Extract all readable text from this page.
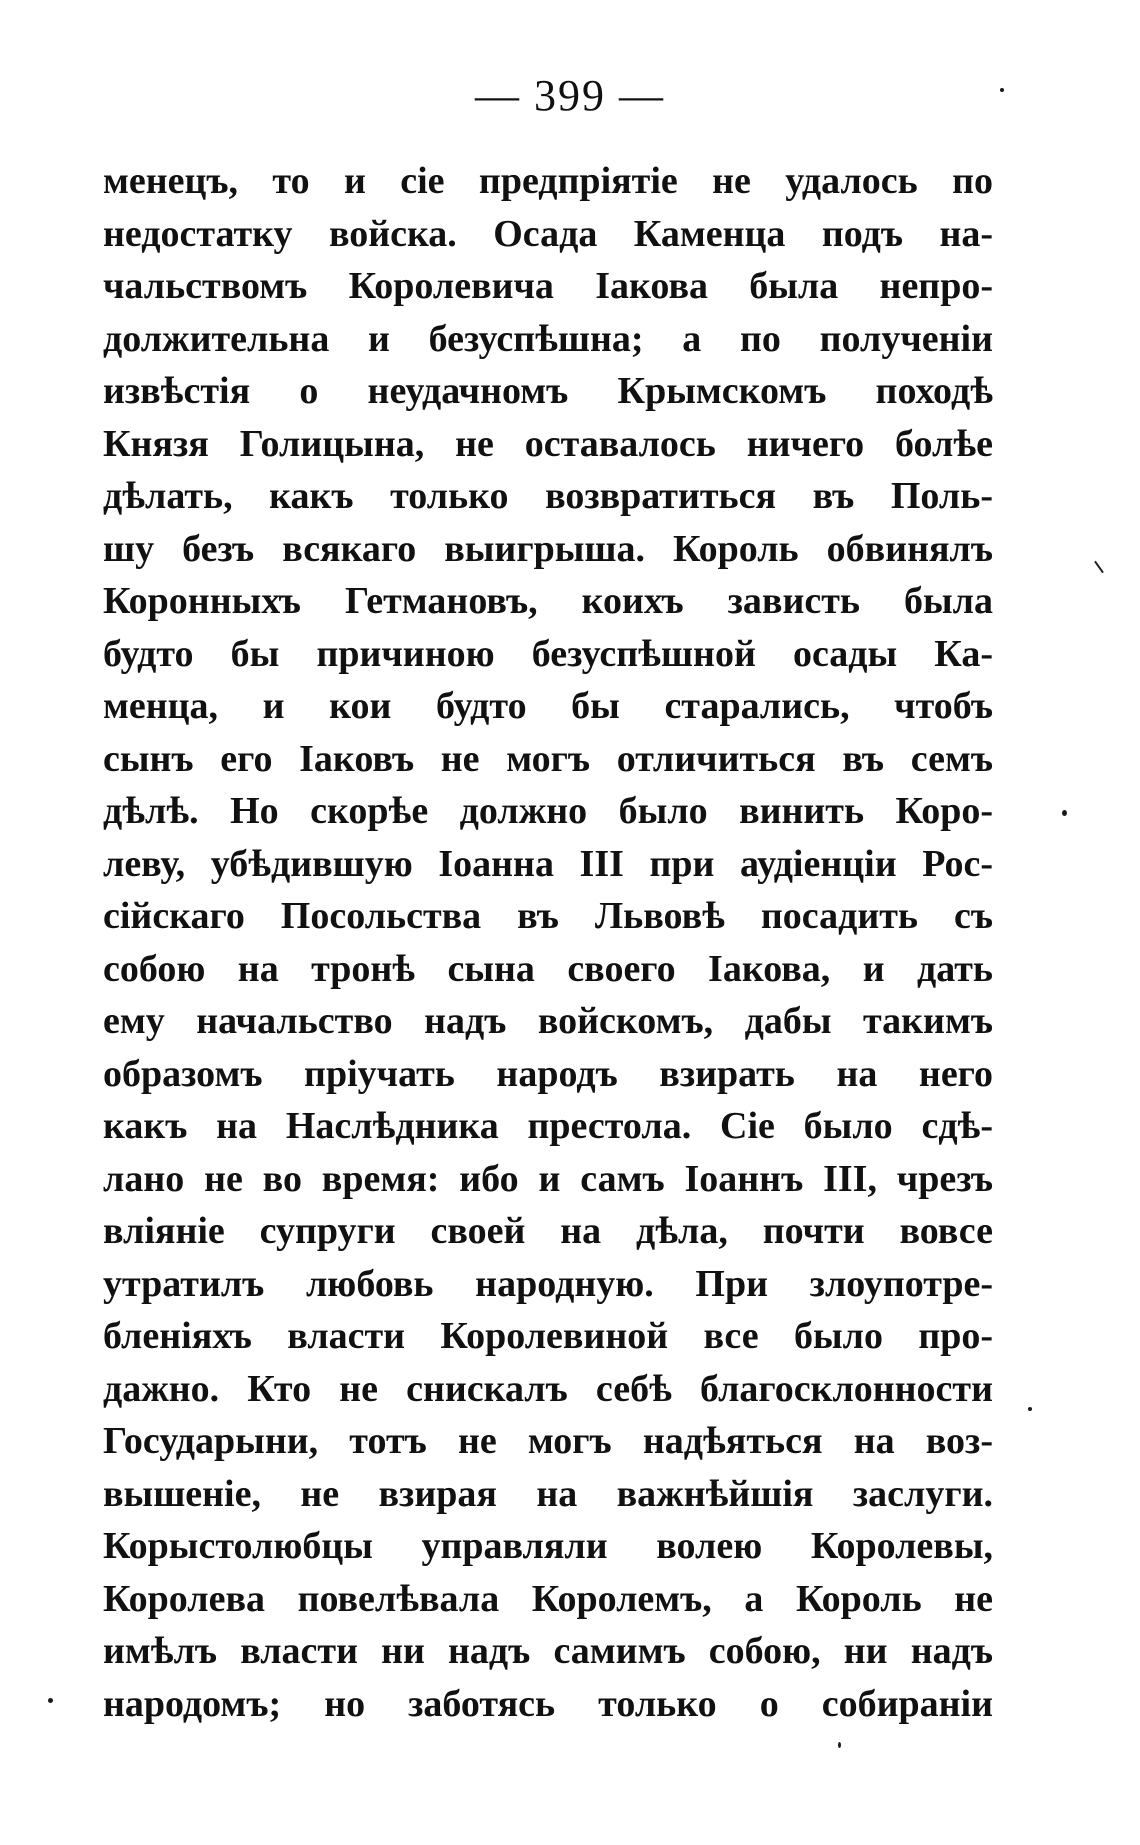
— 399 —
менецъ, то и сіе предпріятіе не удалось по
недостатку войска. Осада Каменца подъ на-
чальствомъ Королевича Іакова была непро-
должительна и безуспѣшна; а по полученіи
извѣстія о неудачномъ Крымскомъ походѣ
Князя Голицына, не оставалось ничего болѣе
дѣлать, какъ только возвратиться въ Поль-
шу безъ всякаго выигрыша. Король обвинялъ
Коронныхъ Гетмановъ, коихъ зависть была
будто бы причиною безуспѣшной осады Ка-
менца, и кои будто бы старались, чтобъ
сынъ его Іаковъ не могъ отличиться въ семъ
дѣлѣ. Но скорѣе должно было винить Коро-
леву, убѣдившую Іоанна III при аудіенціи Рос-
сійскаго Посольства въ Львовѣ посадить съ
собою на тронѣ сына своего Іакова, и дать
ему начальство надъ войскомъ, дабы такимъ
образомъ пріучать народъ взирать на него
какъ на Наслѣдника престола. Сіе было сдѣ-
лано не во время: ибо и самъ Іоаннъ III, чрезъ
вліяніе супруги своей на дѣла, почти вовсе
утратилъ любовь народную. При злоупотре-
бленіяхъ власти Королевиной все было про-
дажно. Кто не снискалъ себѣ благосклонности
Государыни, тотъ не могъ надѣяться на воз-
вышеніе, не взирая на важнѣйшія заслуги.
Корыстолюбцы управляли волею Королевы,
Королева повелѣвала Королемъ, а Король не
имѣлъ власти ни надъ самимъ собою, ни надъ
народомъ; но заботясь только о собираніи
